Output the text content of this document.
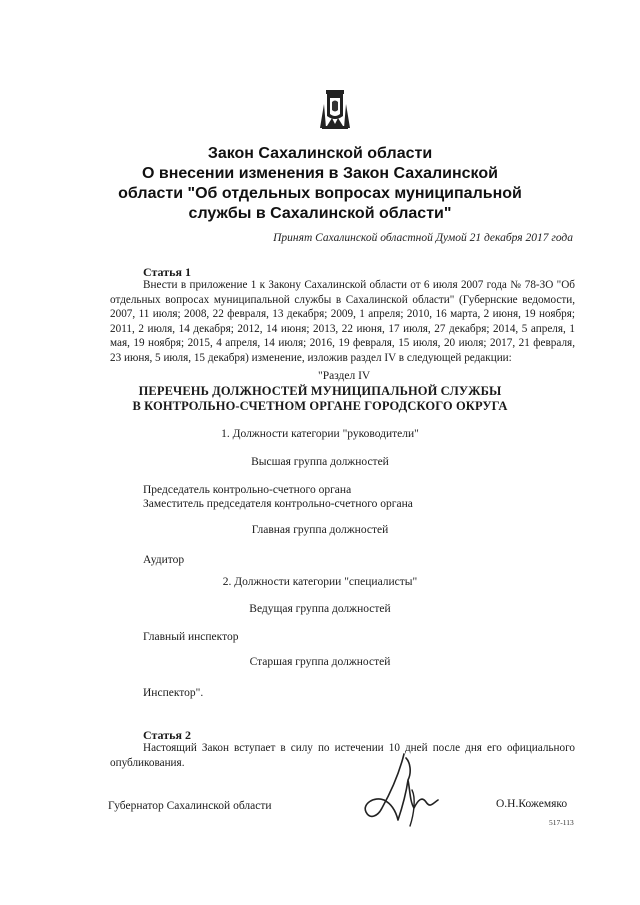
Закон Сахалинской области
О внесении изменения в Закон Сахалинской
области "Об отдельных вопросах муниципальной
службы в Сахалинской области"
Принят Сахалинской областной Думой 21 декабря 2017 года
Статья 1
Внести в приложение 1 к Закону Сахалинской области от 6 июля 2007 года № 78-ЗО "Об отдельных вопросах муниципальной службы в Сахалинской области" (Губернские ведомости, 2007, 11 июля; 2008, 22 февраля, 13 декабря; 2009, 1 апреля; 2010, 16 марта, 2 июня, 19 ноября; 2011, 2 июля, 14 декабря; 2012, 14 июня; 2013, 22 июня, 17 июля, 27 декабря; 2014, 5 апреля, 1 мая, 19 ноября; 2015, 4 апреля, 14 июля; 2016, 19 февраля, 15 июля, 20 июля; 2017, 21 февраля, 23 июня, 5 июля, 15 декабря) изменение, изложив раздел IV в следующей редакции:
"Раздел IV
ПЕРЕЧЕНЬ ДОЛЖНОСТЕЙ МУНИЦИПАЛЬНОЙ СЛУЖБЫ
В КОНТРОЛЬНО-СЧЕТНОМ ОРГАНЕ ГОРОДСКОГО ОКРУГА
1. Должности категории "руководители"
Высшая группа должностей
Председатель контрольно-счетного органа
Заместитель председателя контрольно-счетного органа
Главная группа должностей
Аудитор
2. Должности категории "специалисты"
Ведущая группа должностей
Главный инспектор
Старшая группа должностей
Инспектор".
Статья 2
Настоящий Закон вступает в силу по истечении 10 дней после дня его официального опубликования.
Губернатор Сахалинской области	О.Н.Кожемяко
517-113
